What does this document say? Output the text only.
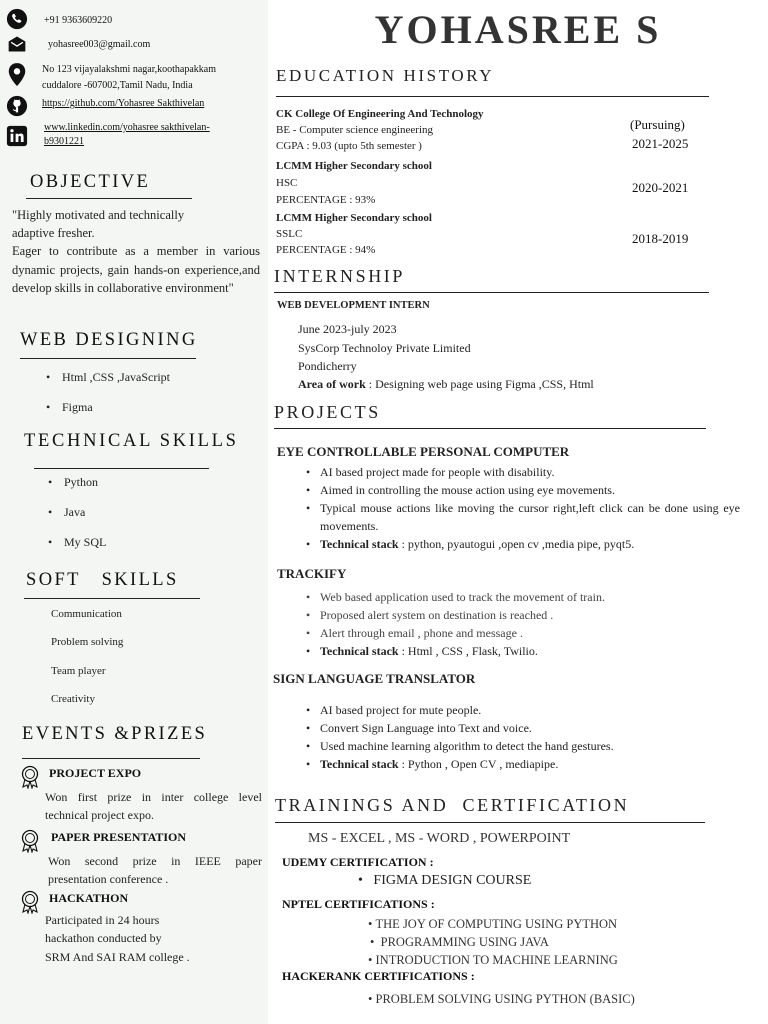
+91 9363609220
yohasree003@gmail.com
No 123 vijayalakshmi nagar,koothapakkam
cuddalore -607002,Tamil Nadu, India
https://github.com/Yohasree Sakthivelan
www.linkedin.com/yohasree sakthivelan-
b9301221
OBJECTIVE

"Highly motivated and technically adaptive fresher.

Eager to contribute as a member in various dynamic projects, gain hands-on experience,and develop skills in collaborative environment"

WEB DESIGNING
• Html ,CSS ,JavaScript
• Figma
TECHNICAL SKILLS
• Python
• Java
• My SQL
SOFT   SKILLS
Communication
Problem solving
Team player
Creativity
EVENTS &PRIZES
PROJECT EXPO
Won first prize in inter college level technical project expo.
PAPER PRESENTATION
Won second prize in IEEE paper presentation conference .
HACKATHON
Participated in 24 hours
hackathon conducted by
SRM And SAI RAM college .
YOHASREE S
EDUCATION HISTORY
CK College Of Engineering And Technology
BE - Computer science engineering
CGPA : 9.03 (upto 5th semester )
(Pursuing)
2021-2025
LCMM Higher Secondary school
HSC
PERCENTAGE : 93%
2020-2021
LCMM Higher Secondary school
SSLC
PERCENTAGE : 94%
2018-2019
INTERNSHIP
WEB DEVELOPMENT INTERN
June 2023-july 2023
SysCorp Technoloy Private Limited
Pondicherry
Area of work : Designing web page using Figma ,CSS, Html
PROJECTS
EYE CONTROLLABLE PERSONAL COMPUTER
• AI based project made for people with disability.
• Aimed in controlling the mouse action using eye movements.
• Typical mouse actions like moving the cursor right,left click can be done using eye movements.
• Technical stack : python, pyautogui ,open cv ,media pipe, pyqt5.
TRACKIFY
• Web based application used to track the movement of train.
• Proposed alert system on destination is reached .
• Alert through email , phone and message .
• Technical stack : Html , CSS , Flask, Twilio.
SIGN LANGUAGE TRANSLATOR
• AI based project for mute people.
• Convert Sign Language into Text and voice.
• Used machine learning algorithm to detect the hand gestures.
• Technical stack : Python , Open CV , mediapipe.
TRAININGS AND  CERTIFICATION
MS - EXCEL , MS - WORD , POWERPOINT
UDEMY CERTIFICATION :
•   FIGMA DESIGN COURSE
NPTEL CERTIFICATIONS :
• THE JOY OF COMPUTING USING PYTHON
•  PROGRAMMING USING JAVA
• INTRODUCTION TO MACHINE LEARNING
HACKERANK CERTIFICATIONS :
• PROBLEM SOLVING USING PYTHON (BASIC)
